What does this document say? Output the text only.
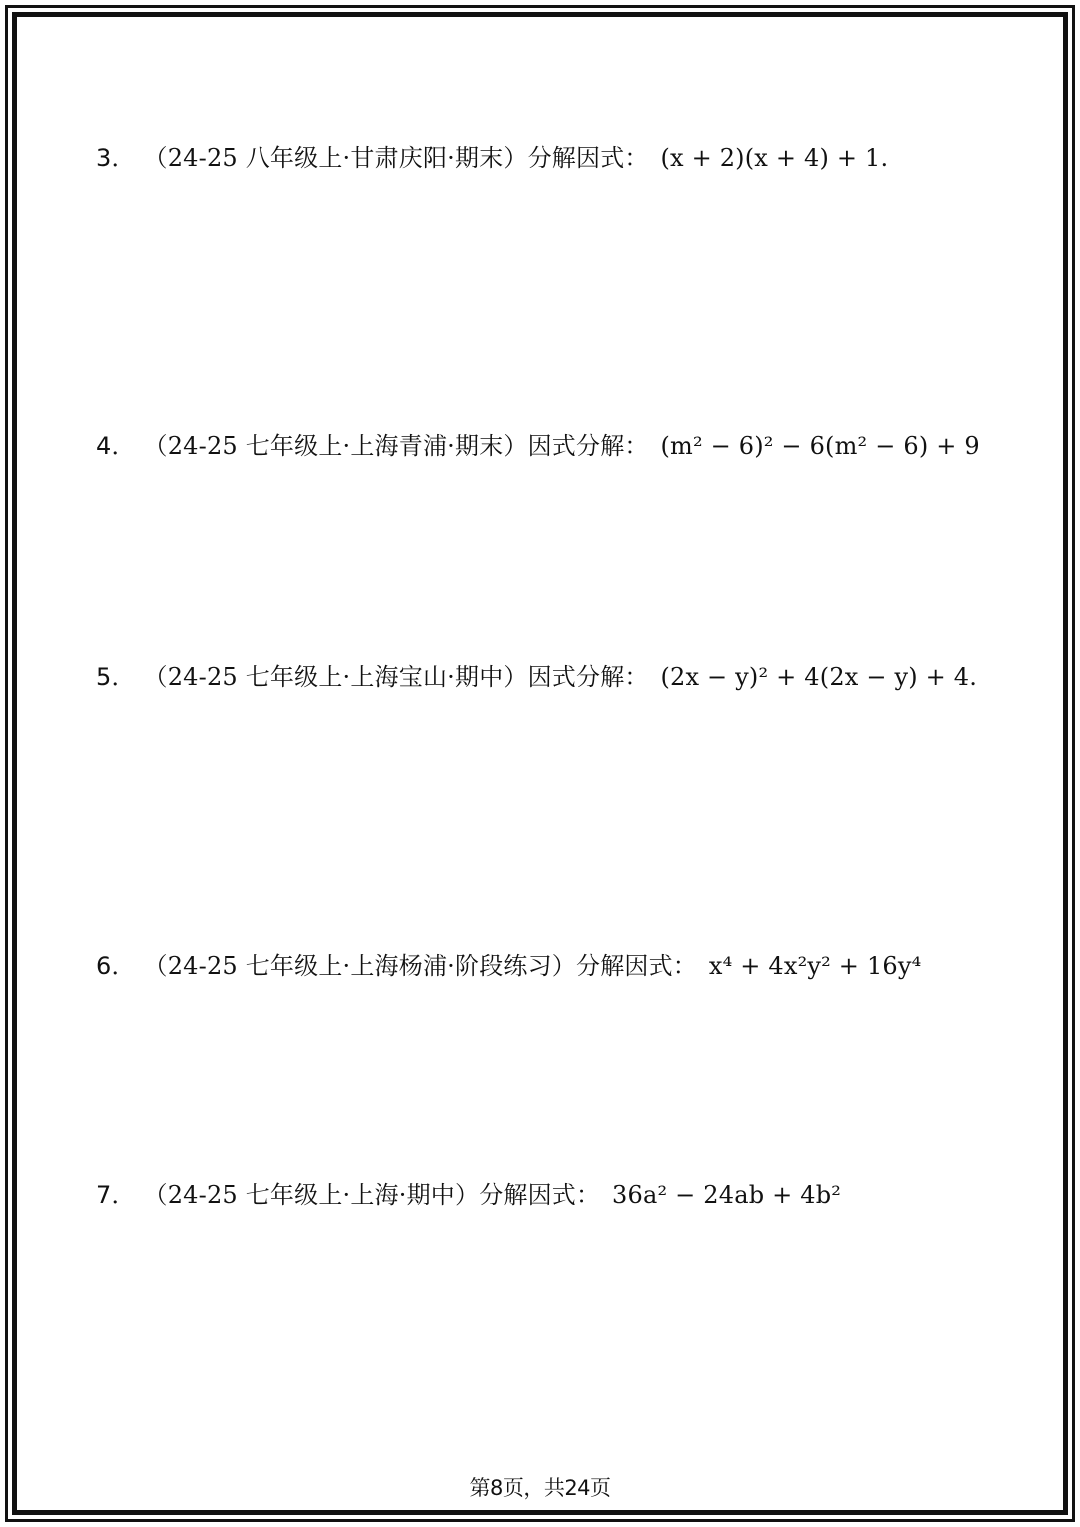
3． （24-25 八年级上·甘肃庆阳·期末）分解因式： (x + 2)(x + 4) + 1.
4． （24-25 七年级上·上海青浦·期末）因式分解： (m² − 6)² − 6(m² − 6) + 9
5． （24-25 七年级上·上海宝山·期中）因式分解： (2x − y)² + 4(2x − y) + 4.
6． （24-25 七年级上·上海杨浦·阶段练习）分解因式： x⁴ + 4x²y² + 16y⁴
7． （24-25 七年级上·上海·期中）分解因式： 36a² − 24ab + 4b²
第8页，共24页
